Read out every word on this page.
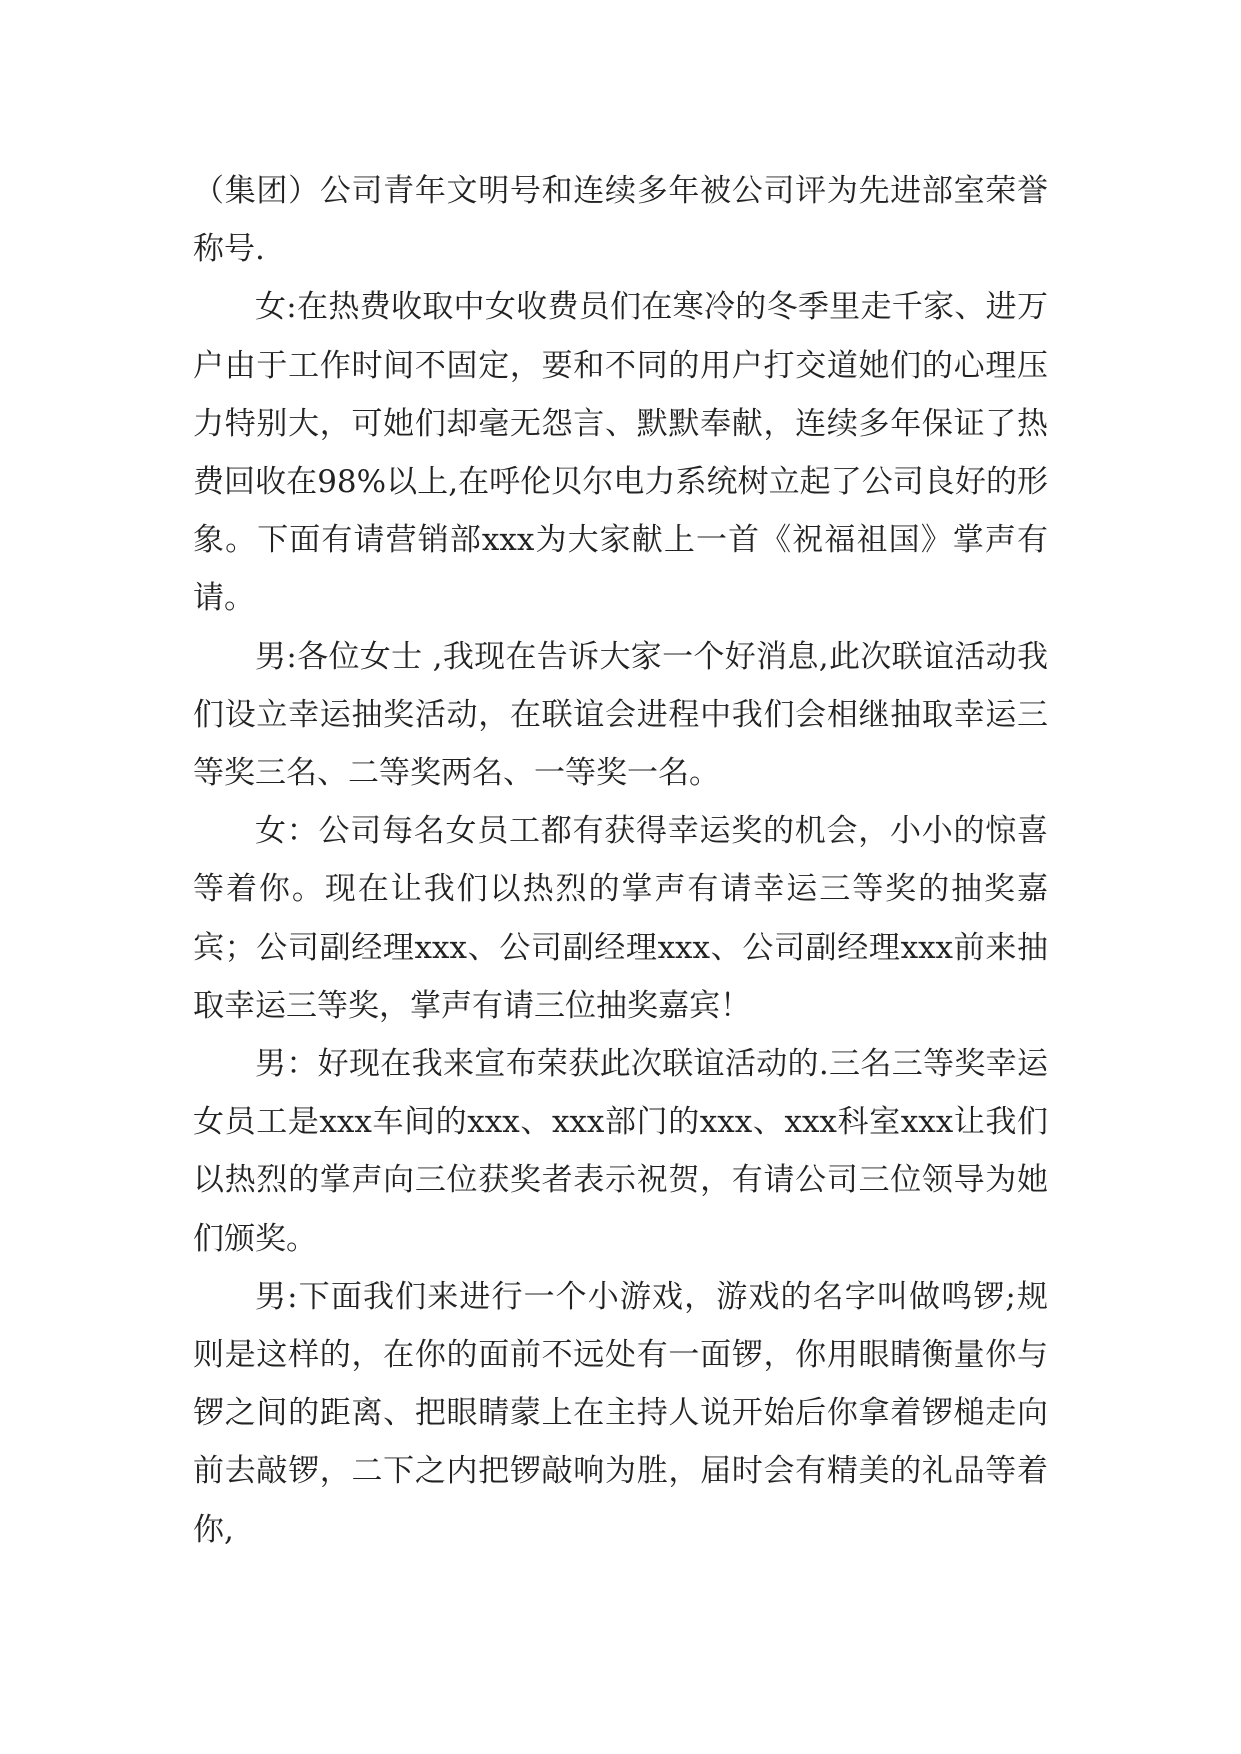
（集团）公司青年文明号和连续多年被公司评为先进部室荣誉称号.

女:在热费收取中女收费员们在寒冷的冬季里走千家、进万户由于工作时间不固定，要和不同的用户打交道她们的心理压力特别大，可她们却毫无怨言、默默奉献，连续多年保证了热费回收在98%以上,在呼伦贝尔电力系统树立起了公司良好的形象。下面有请营销部xxx为大家献上一首《祝福祖国》掌声有请。

男:各位女士 ,我现在告诉大家一个好消息,此次联谊活动我们设立幸运抽奖活动，在联谊会进程中我们会相继抽取幸运三等奖三名、二等奖两名、一等奖一名。

女：公司每名女员工都有获得幸运奖的机会，小小的惊喜等着你。现在让我们以热烈的掌声有请幸运三等奖的抽奖嘉宾；公司副经理xxx、公司副经理xxx、公司副经理xxx前来抽取幸运三等奖，掌声有请三位抽奖嘉宾！

男：好现在我来宣布荣获此次联谊活动的.三名三等奖幸运女员工是xxx车间的xxx、xxx部门的xxx、xxx科室xxx让我们以热烈的掌声向三位获奖者表示祝贺，有请公司三位领导为她们颁奖。

男:下面我们来进行一个小游戏，游戏的名字叫做鸣锣;规则是这样的，在你的面前不远处有一面锣，你用眼睛衡量你与锣之间的距离、把眼睛蒙上在主持人说开始后你拿着锣槌走向前去敲锣，二下之内把锣敲响为胜，届时会有精美的礼品等着你,
